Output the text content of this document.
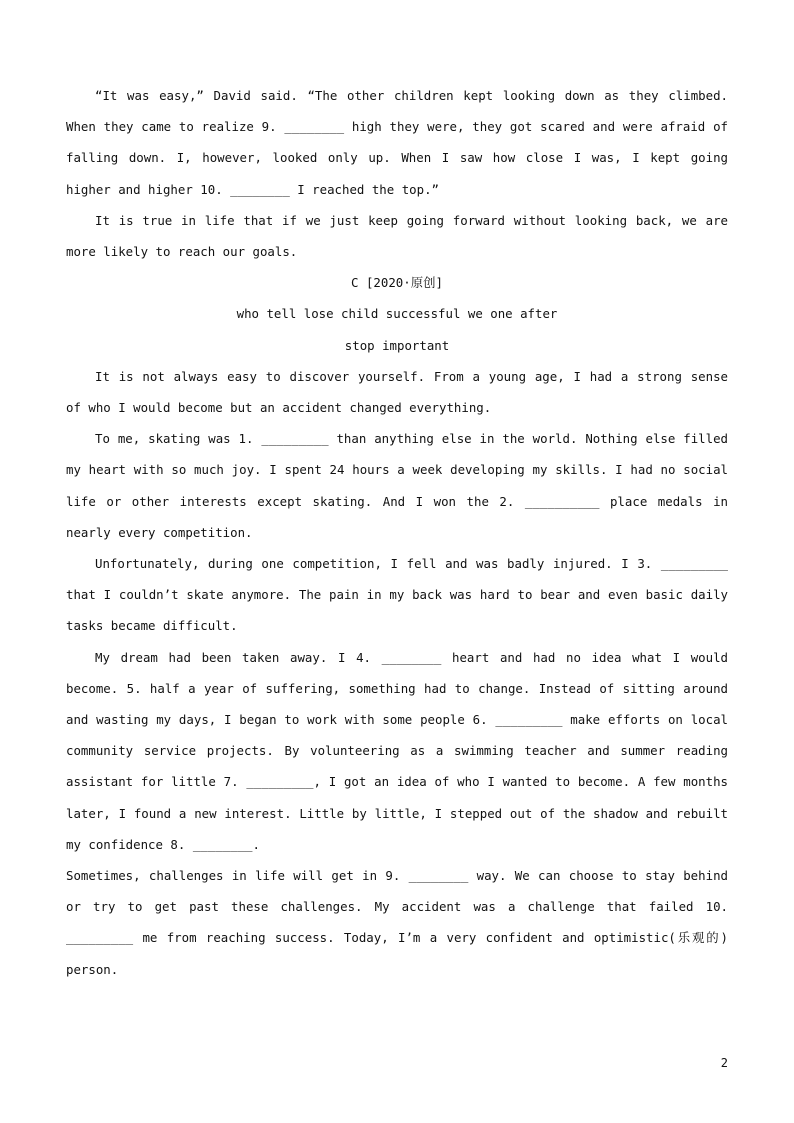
“It was easy,” David said. “The other children kept looking down as they climbed. When they came to realize 9. ________ high they were, they got scared and were afraid of falling down. I, however, looked only up. When I saw how close I was, I kept going higher and higher 10. ________ I reached the top.”

It is true in life that if we just keep going forward without looking back, we are more likely to reach our goals.

C [2020·原创]

who tell lose child successful we one after

stop important

It is not always easy to discover yourself. From a young age, I had a strong sense of who I would become but an accident changed everything.

To me, skating was 1. _________ than anything else in the world. Nothing else filled my heart with so much joy. I spent 24 hours a week developing my skills. I had no social life or other interests except skating. And I won the 2. __________ place medals in nearly every competition.

Unfortunately, during one competition, I fell and was badly injured. I 3. _________ that I couldn’t skate anymore. The pain in my back was hard to bear and even basic daily tasks became difficult.

My dream had been taken away. I 4. ________ heart and had no idea what I would become. 5. half a year of suffering, something had to change. Instead of sitting around and wasting my days, I began to work with some people 6. _________ make efforts on local community service projects. By volunteering as a swimming teacher and summer reading assistant for little 7. _________, I got an idea of who I wanted to become. A few months later, I found a new interest. Little by little, I stepped out of the shadow and rebuilt my confidence 8. ________.

Sometimes, challenges in life will get in 9. ________ way. We can choose to stay behind or try to get past these challenges. My accident was a challenge that failed 10. _________ me from reaching success. Today, I’m a very confident and optimistic(乐观的) person.

2
